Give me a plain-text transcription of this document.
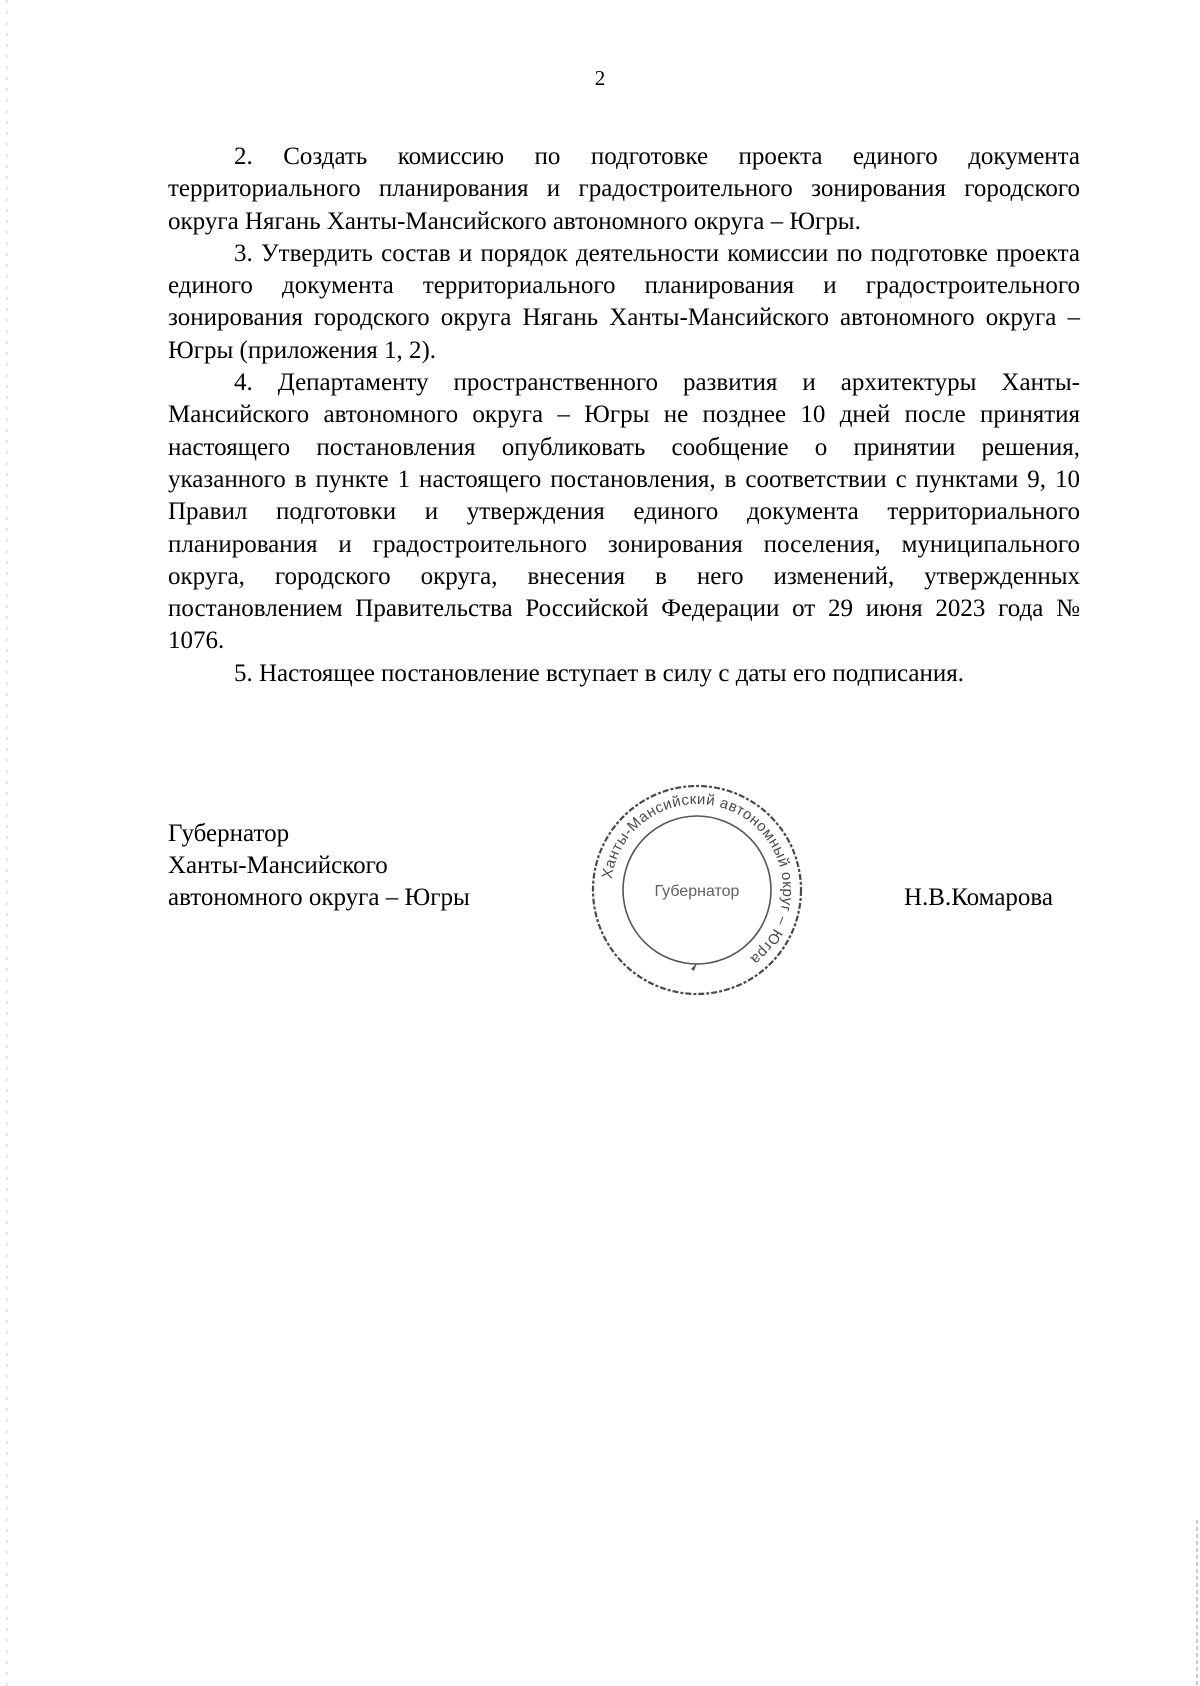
2

2. Создать комиссию по подготовке проекта единого документа территориального планирования и градостроительного зонирования городского округа Нягань Ханты-Мансийского автономного округа – Югры.

3. Утвердить состав и порядок деятельности комиссии по подготовке проекта единого документа территориального планирования и градостроительного зонирования городского округа Нягань Ханты-Мансийского автономного округа – Югры (приложения 1, 2).

4. Департаменту пространственного развития и архитектуры Ханты-Мансийского автономного округа – Югры не позднее 10 дней после принятия настоящего постановления опубликовать сообщение о принятии решения, указанного в пункте 1 настоящего постановления, в соответствии с пунктами 9, 10 Правил подготовки и утверждения единого документа территориального планирования и градостроительного зонирования поселения, муниципального округа, городского округа, внесения в него изменений, утвержденных постановлением Правительства Российской Федерации от 29 июня 2023 года № 1076.

5. Настоящее постановление вступает в силу с даты его подписания.

Губернатор
Ханты-Мансийского
автономного округа – Югры
Ханты-Мансийский автономный округ – Югра
Губернатор	Н.В.Комарова
